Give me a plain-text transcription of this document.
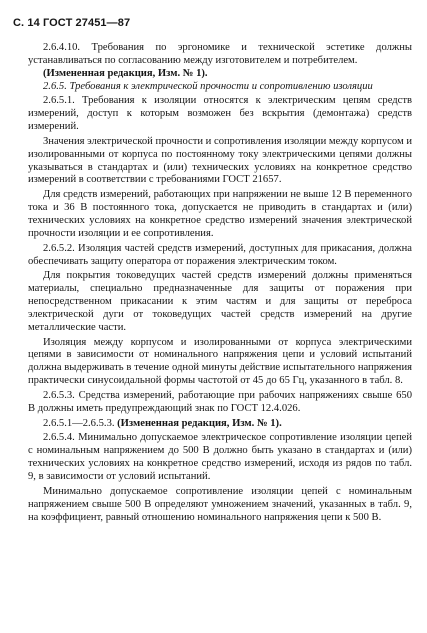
С. 14 ГОСТ 27451—87

2.6.4.10. Требования по эргономике и технической эстетике должны устанавливаться по согласованию между изготовителем и потребителем.

(Измененная редакция, Изм. № 1).

2.6.5. Требования к электрической прочности и сопротивлению изоляции

2.6.5.1. Требования к изоляции относятся к электрическим цепям средств измерений, доступ к которым возможен без вскрытия (демонтажа) средств измерений.

Значения электрической прочности и сопротивления изоляции между корпусом и изолированными от корпуса по постоянному току электрическими цепями должны указываться в стандартах и (или) технических условиях на конкретное средство измерений в соответствии с требованиями ГОСТ 21657.

Для средств измерений, работающих при напряжении не выше 12 В переменного тока и 36 В постоянного тока, допускается не приводить в стандартах и (или) технических условиях на конкретное средство измерений значения электрической прочности изоляции и ее сопротивления.

2.6.5.2. Изоляция частей средств измерений, доступных для прикасания, должна обеспечивать защиту оператора от поражения электрическим током.

Для покрытия токоведущих частей средств измерений должны применяться материалы, специально предназначенные для защиты от поражения при непосредственном прикасании к этим частям и для защиты от переброса электрической дуги от токоведущих частей средств измерений на другие металлические части.

Изоляция между корпусом и изолированными от корпуса электрическими цепями в зависимости от номинального напряжения цепи и условий испытаний должна выдерживать в течение одной минуты действие испытательного напряжения практически синусоидальной формы частотой от 45 до 65 Гц, указанного в табл. 8.

2.6.5.3. Средства измерений, работающие при рабочих напряжениях свыше 650 В должны иметь предупреждающий знак по ГОСТ 12.4.026.

2.6.5.1—2.6.5.3. (Измененная редакция, Изм. № 1).

2.6.5.4. Минимально допускаемое электрическое сопротивление изоляции цепей с номинальным напряжением до 500 В должно быть указано в стандартах и (или) технических условиях на конкретное средство измерений, исходя из рядов по табл. 9, в зависимости от условий испытаний.

Минимально допускаемое сопротивление изоляции цепей с номинальным напряжением свыше 500 В определяют умножением значений, указанных в табл. 9, на коэффициент, равный отношению номинального напряжения цепи к 500 В.
